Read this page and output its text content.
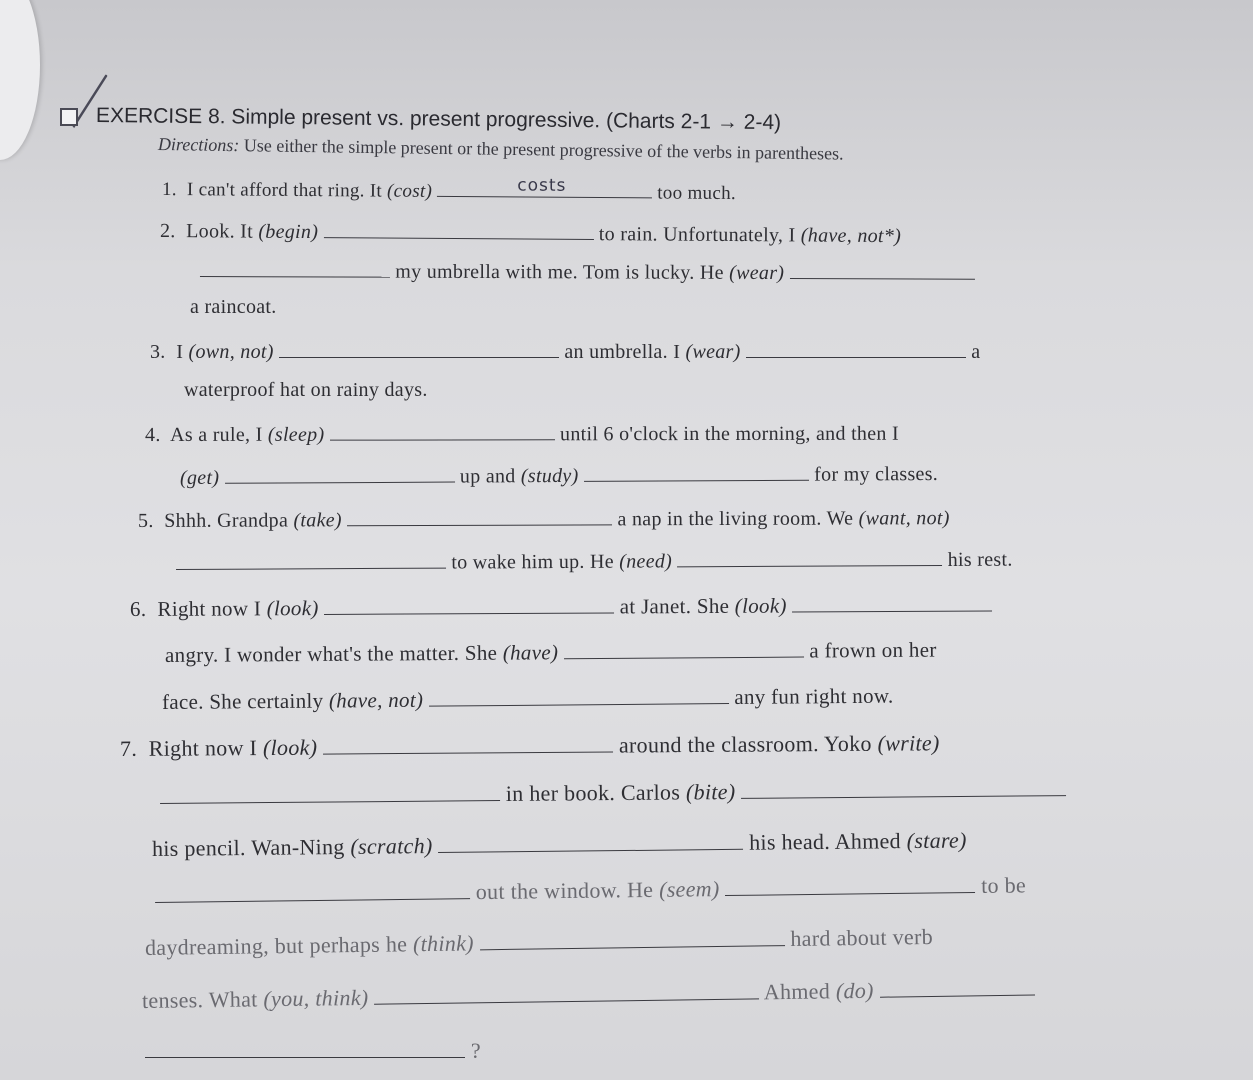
EXERCISE 8. Simple present vs. present progressive. (Charts 2-1 → 2-4)
Directions: Use either the simple present or the present progressive of the verbs in parentheses.
1. I can't afford that ring. It (cost)	costs	too much.
2. Look. It (begin)	to rain. Unfortunately, I (have, not*)
my umbrella with me. Tom is lucky. He (wear)
a raincoat.
3. I (own, not)	an umbrella. I (wear)	a
waterproof hat on rainy days.
4. As a rule, I (sleep)	until 6 o'clock in the morning, and then I
(get)	up and (study)	for my classes.
5. Shhh. Grandpa (take)	a nap in the living room. We (want, not)
to wake him up. He (need)	his rest.
6. Right now I (look)	at Janet. She (look)
angry. I wonder what's the matter. She (have)	a frown on her
face. She certainly (have, not)	any fun right now.
7. Right now I (look)	around the classroom. Yoko (write)
in her book. Carlos (bite)
his pencil. Wan-Ning (scratch)	his head. Ahmed (stare)
out the window. He (seem)	to be
daydreaming, but perhaps he (think)	hard about verb
tenses. What (you, think)	Ahmed (do)
?
